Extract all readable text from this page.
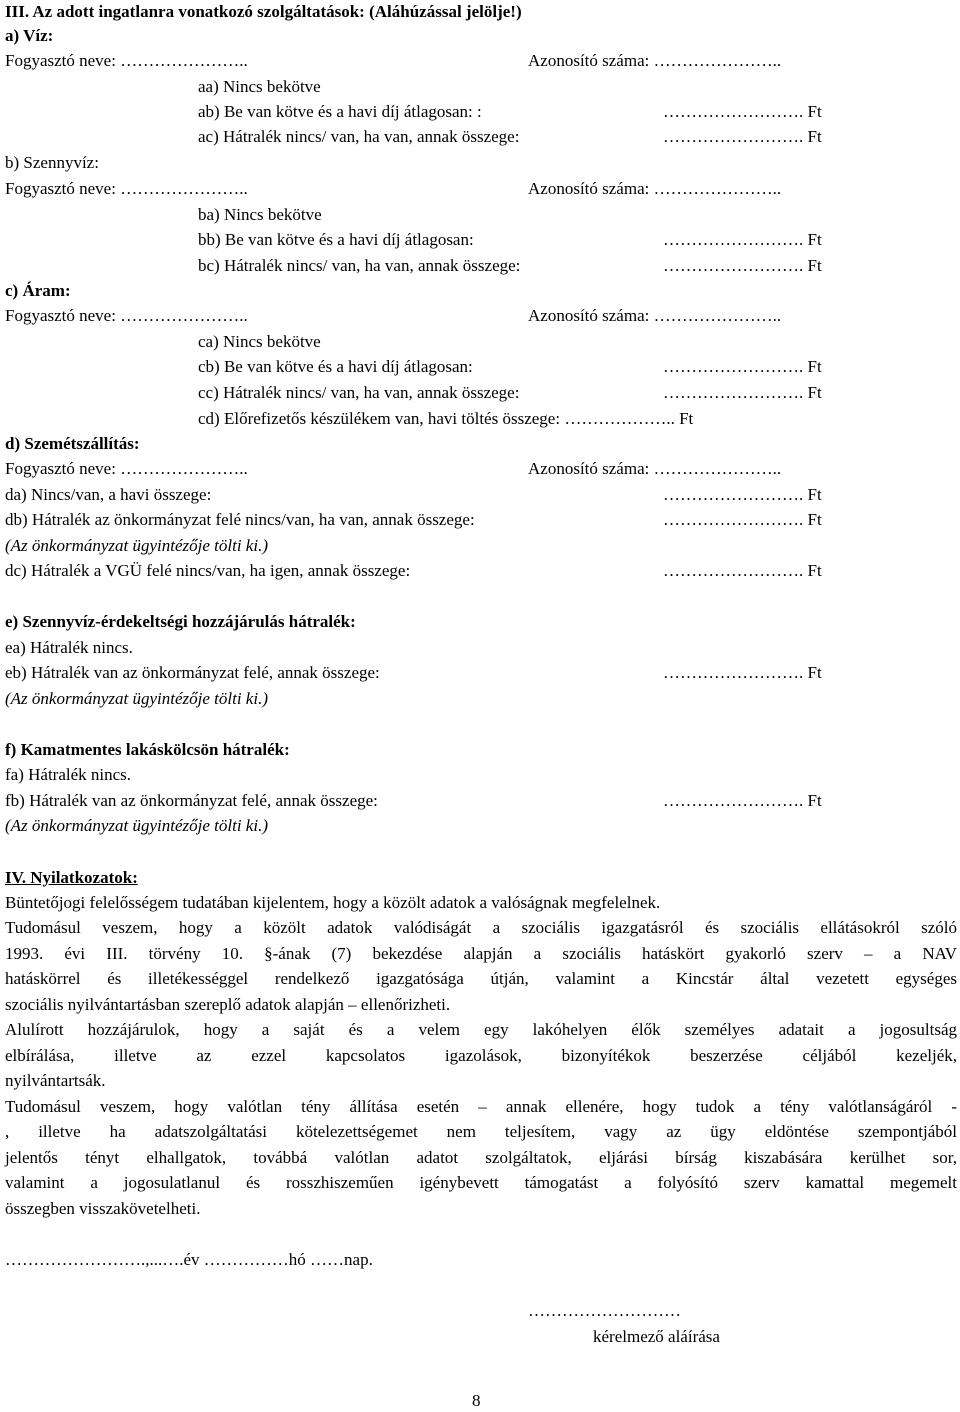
III. Az adott ingatlanra vonatkozó szolgáltatások: (Aláhúzással jelölje!)
a) Víz:
Fogyasztó neve: …………………..	Azonosító száma: …………………..
aa) Nincs bekötve
ab) Be van kötve és a havi díj átlagosan: :	……………………. Ft
ac) Hátralék nincs/ van, ha van, annak összege:	……………………. Ft
b) Szennyvíz:
Fogyasztó neve: …………………..	Azonosító száma: …………………..
ba) Nincs bekötve
bb) Be van kötve és a havi díj átlagosan:	……………………. Ft
bc) Hátralék nincs/ van, ha van, annak összege:	……………………. Ft
c) Áram:
Fogyasztó neve: …………………..	Azonosító száma: …………………..
ca) Nincs bekötve
cb) Be van kötve és a havi díj átlagosan:	……………………. Ft
cc) Hátralék nincs/ van, ha van, annak összege:	……………………. Ft
cd) Előrefizetős készülékem van, havi töltés összege: ……………….. Ft
d) Szemétszállítás:
Fogyasztó neve: …………………..	Azonosító száma: …………………..
da) Nincs/van, a havi összege:	……………………. Ft
db) Hátralék az önkormányzat felé nincs/van, ha van, annak összege:	……………………. Ft
(Az önkormányzat ügyintézője tölti ki.)
dc) Hátralék a VGÜ felé nincs/van, ha igen, annak összege:	……………………. Ft
e) Szennyvíz-érdekeltségi hozzájárulás hátralék:
ea) Hátralék nincs.
eb) Hátralék van az önkormányzat felé, annak összege:	……………………. Ft
(Az önkormányzat ügyintézője tölti ki.)
f) Kamatmentes lakáskölcsön hátralék:
fa) Hátralék nincs.
fb) Hátralék van az önkormányzat felé, annak összege:	……………………. Ft
(Az önkormányzat ügyintézője tölti ki.)
IV. Nyilatkozatok:
Büntetőjogi felelősségem tudatában kijelentem, hogy a közölt adatok a valóságnak megfelelnek.
Tudomásul veszem, hogy a közölt adatok valódiságát a szociális igazgatásról és szociális ellátásokról szóló
1993. évi III. törvény 10. §-ának (7) bekezdése alapján a szociális hatáskört gyakorló szerv – a NAV
hatáskörrel és illetékességgel rendelkező igazgatósága útján, valamint a Kincstár által vezetett egységes
szociális nyilvántartásban szereplő adatok alapján – ellenőrizheti.
Alulírott hozzájárulok, hogy a saját és a velem egy lakóhelyen élők személyes adatait a jogosultság
elbírálása, illetve az ezzel kapcsolatos igazolások, bizonyítékok beszerzése céljából kezeljék,
nyilvántartsák.
Tudomásul veszem, hogy valótlan tény állítása esetén – annak ellenére, hogy tudok a tény valótlanságáról -
, illetve ha adatszolgáltatási kötelezettségemet nem teljesítem, vagy az ügy eldöntése szempontjából
jelentős tényt elhallgatok, továbbá valótlan adatot szolgáltatok, eljárási bírság kiszabására kerülhet sor,
valamint a jogosulatlanul és rosszhiszeműen igénybevett támogatást a folyósító szerv kamattal megemelt
összegben visszakövetelheti.
…………………….,...….év ……………hó ……nap.
………………………
kérelmező aláírása
8
